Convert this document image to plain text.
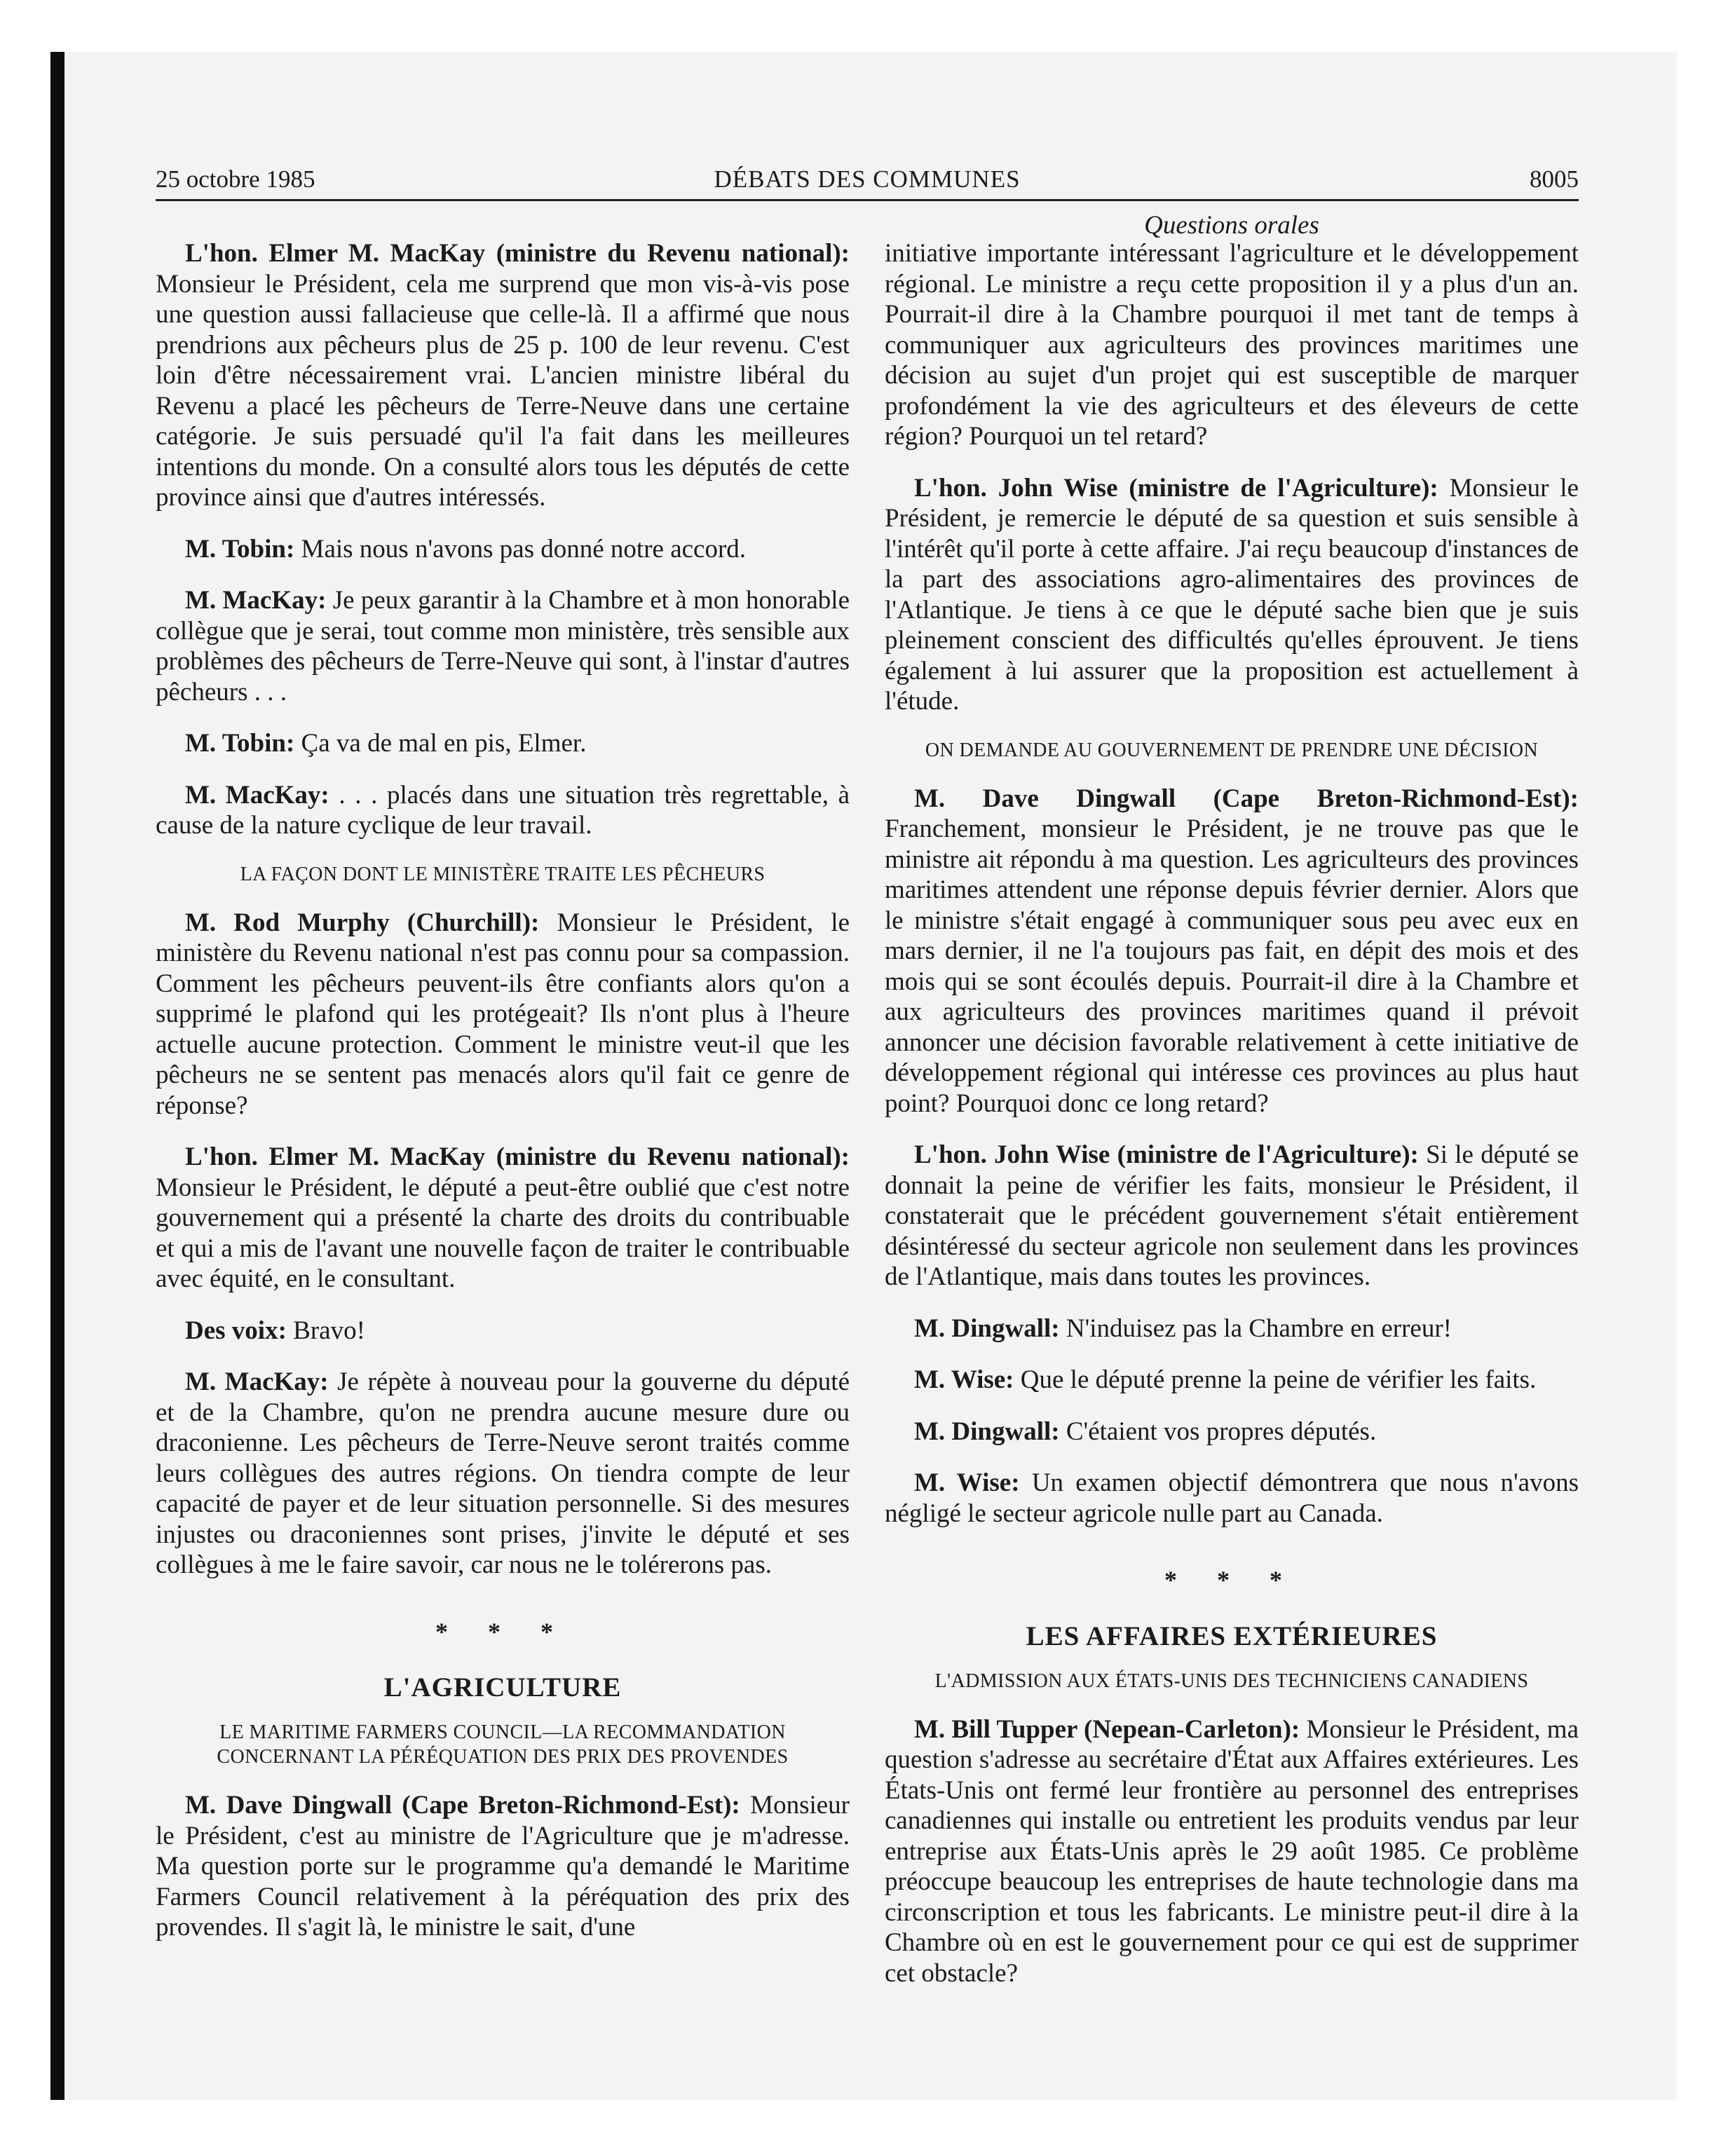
25 octobre 1985	DÉBATS DES COMMUNES	8005
Questions orales

L'hon. Elmer M. MacKay (ministre du Revenu national): Monsieur le Président, cela me surprend que mon vis-à-vis pose une question aussi fallacieuse que celle-là. Il a affirmé que nous prendrions aux pêcheurs plus de 25 p. 100 de leur revenu. C'est loin d'être nécessairement vrai. L'ancien ministre libéral du Revenu a placé les pêcheurs de Terre-Neuve dans une certaine catégorie. Je suis persuadé qu'il l'a fait dans les meilleures intentions du monde. On a consulté alors tous les députés de cette province ainsi que d'autres intéressés.

M. Tobin: Mais nous n'avons pas donné notre accord.

M. MacKay: Je peux garantir à la Chambre et à mon honorable collègue que je serai, tout comme mon ministère, très sensible aux problèmes des pêcheurs de Terre-Neuve qui sont, à l'instar d'autres pêcheurs . . .

M. Tobin: Ça va de mal en pis, Elmer.

M. MacKay: . . . placés dans une situation très regrettable, à cause de la nature cyclique de leur travail.

LA FAÇON DONT LE MINISTÈRE TRAITE LES PÊCHEURS

M. Rod Murphy (Churchill): Monsieur le Président, le ministère du Revenu national n'est pas connu pour sa compassion. Comment les pêcheurs peuvent-ils être confiants alors qu'on a supprimé le plafond qui les protégeait? Ils n'ont plus à l'heure actuelle aucune protection. Comment le ministre veut-il que les pêcheurs ne se sentent pas menacés alors qu'il fait ce genre de réponse?

L'hon. Elmer M. MacKay (ministre du Revenu national): Monsieur le Président, le député a peut-être oublié que c'est notre gouvernement qui a présenté la charte des droits du contribuable et qui a mis de l'avant une nouvelle façon de traiter le contribuable avec équité, en le consultant.

Des voix: Bravo!

M. MacKay: Je répète à nouveau pour la gouverne du député et de la Chambre, qu'on ne prendra aucune mesure dure ou draconienne. Les pêcheurs de Terre-Neuve seront traités comme leurs collègues des autres régions. On tiendra compte de leur capacité de payer et de leur situation personnelle. Si des mesures injustes ou draconiennes sont prises, j'invite le député et ses collègues à me le faire savoir, car nous ne le tolérerons pas.

* * *
L'AGRICULTURE
LE MARITIME FARMERS COUNCIL—LA RECOMMANDATION
CONCERNANT LA PÉRÉQUATION DES PRIX DES PROVENDES

M. Dave Dingwall (Cape Breton-Richmond-Est): Monsieur le Président, c'est au ministre de l'Agriculture que je m'adresse. Ma question porte sur le programme qu'a demandé le Maritime Farmers Council relativement à la péréquation des prix des provendes. Il s'agit là, le ministre le sait, d'une

initiative importante intéressant l'agriculture et le développement régional. Le ministre a reçu cette proposition il y a plus d'un an. Pourrait-il dire à la Chambre pourquoi il met tant de temps à communiquer aux agriculteurs des provinces maritimes une décision au sujet d'un projet qui est susceptible de marquer profondément la vie des agriculteurs et des éleveurs de cette région? Pourquoi un tel retard?

L'hon. John Wise (ministre de l'Agriculture): Monsieur le Président, je remercie le député de sa question et suis sensible à l'intérêt qu'il porte à cette affaire. J'ai reçu beaucoup d'instances de la part des associations agro-alimentaires des provinces de l'Atlantique. Je tiens à ce que le député sache bien que je suis pleinement conscient des difficultés qu'elles éprouvent. Je tiens également à lui assurer que la proposition est actuellement à l'étude.

ON DEMANDE AU GOUVERNEMENT DE PRENDRE UNE DÉCISION

M. Dave Dingwall (Cape Breton-Richmond-Est): Franchement, monsieur le Président, je ne trouve pas que le ministre ait répondu à ma question. Les agriculteurs des provinces maritimes attendent une réponse depuis février dernier. Alors que le ministre s'était engagé à communiquer sous peu avec eux en mars dernier, il ne l'a toujours pas fait, en dépit des mois et des mois qui se sont écoulés depuis. Pourrait-il dire à la Chambre et aux agriculteurs des provinces maritimes quand il prévoit annoncer une décision favorable relativement à cette initiative de développement régional qui intéresse ces provinces au plus haut point? Pourquoi donc ce long retard?

L'hon. John Wise (ministre de l'Agriculture): Si le député se donnait la peine de vérifier les faits, monsieur le Président, il constaterait que le précédent gouvernement s'était entièrement désintéressé du secteur agricole non seulement dans les provinces de l'Atlantique, mais dans toutes les provinces.

M. Dingwall: N'induisez pas la Chambre en erreur!

M. Wise: Que le député prenne la peine de vérifier les faits.

M. Dingwall: C'étaient vos propres députés.

M. Wise: Un examen objectif démontrera que nous n'avons négligé le secteur agricole nulle part au Canada.

* * *
LES AFFAIRES EXTÉRIEURES
L'ADMISSION AUX ÉTATS-UNIS DES TECHNICIENS CANADIENS

M. Bill Tupper (Nepean-Carleton): Monsieur le Président, ma question s'adresse au secrétaire d'État aux Affaires extérieures. Les États-Unis ont fermé leur frontière au personnel des entreprises canadiennes qui installe ou entretient les produits vendus par leur entreprise aux États-Unis après le 29 août 1985. Ce problème préoccupe beaucoup les entreprises de haute technologie dans ma circonscription et tous les fabricants. Le ministre peut-il dire à la Chambre où en est le gouvernement pour ce qui est de supprimer cet obstacle?
